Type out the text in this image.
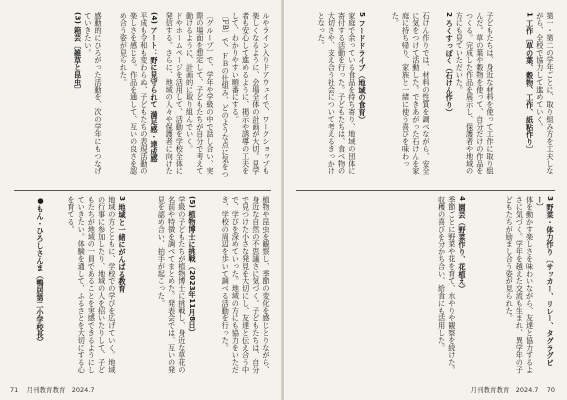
ルやライン入りドアウェイで、ワークショップも楽しくなるように、会場全体の計画が大切。見学者も安心して進めるように、掲示や誘導の工夫をして、わかりやすい順番にする。
〔FB〕で、ＦＢの仕組み、どのような点に気をつ
〔グループ〕で、学年や学級の中で話し合い、実際の場面を想定して、子どもたちが自分で考えて動けるように、計画的に取り組んでいく。
ドやホームページを活用して、活動を学校全体に発信する。さらに、地域の人々や保護者に向けた
(4) アート：野に見守られて 満足感・達成感
平成も令和も変わらぬ、子どもたちの表現活動の楽しさを感じる。作品を通して、互いの良さを認め合う姿が見られた。
感動的にひろがった活動を、次の学年にもつなげていきたい。
(3) 箱芸〔雑草と昆虫〕
植物や昆虫を観察し、季節の変化を感じとりながら、身近な自然の不思議さに気づく。子どもたちは、自分で見つけた小さな発見を大切にし、友達と伝え合う中で、学びを深めていった。地域の方にも協力をいただき、学校の周辺を歩いて調べる活動を行った。
(5) 植物博士に挑戦（2023年11月8日）
学級の子どもたちが植物博士に挑戦し、身近な草花の名前や特徴を調べてまとめた。発表会では、互いの発見を認め合い、拍手が起こった。
3 地域と一緒にがんばる教育
地域の方とともに、学校での学びを広げていく。地域の行事に参加したり、地域の人を招いたりして、子どもたちが地域の一員であることを実感できるようにしていきたい。体験を通して、ふるさとを大切にする心を育てる。
●もん・ひろしさんま（鴨居第二小学校長）
71 月刊教育教育 2024.7
第一・第二の学年ごとに、取り組み方を工夫しながら、全校で協力して進めていく。
1 工作〔草の葉、穀物、工作、紙粘作り〕
子どもたちは、身近な材料を使って工作に取り組んだ。草の葉や穀物を使って、自分だけの作品をつくる。完成した作品を展示し、保護者や地域の方にも見ていただいた。
2 ろくすっぽく（石けん作り）
石けん作りでは、材料の性質を調べながら、安全に気をつけて活動した。できあがった石けんを家庭に持ち帰り、家族と一緒に使う喜びを味わった。
5 フードドライブ（地域の食育）
家庭で余っている食品を持ち寄り、地域の団体に寄付する活動を行った。子どもたちは、食べ物の大切さや、支え合う社会について考えるきっかけとなった。
3 野菜・体力作り〔サッカー、リレー、タグラグビー〕
体を動かす楽しさを味わいながら、友達と協力するよさに気づく。学年を越えた交流も生まれ、異学年の子どもたちが励まし合う姿が見られた。
4 園芸（野菜作り、花植え）
季節ごとに野菜や花を育て、水やりや観察を続けた。収穫の喜びを分かち合い、給食にも活用した。
月刊教育教育 2024.7 70
